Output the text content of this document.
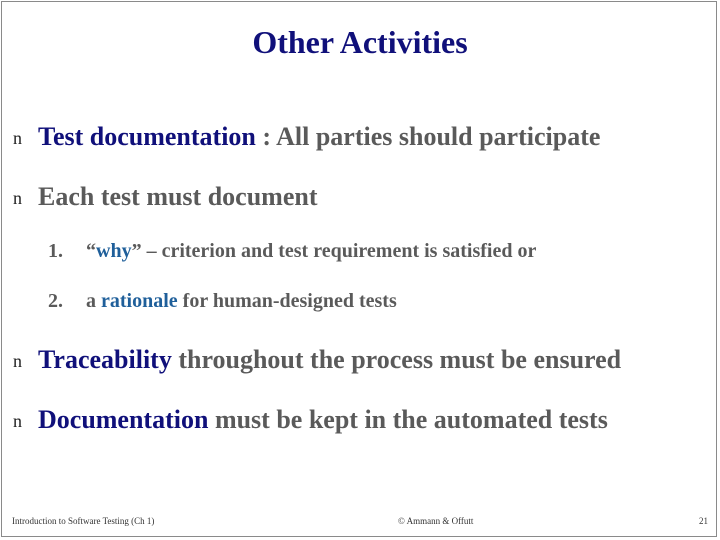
Other Activities
n Test documentation : All parties should participate
n Each test must document
1. “why” – criterion and test requirement is satisfied or
2. a rationale for human-designed tests
n Traceability throughout the process must be ensured
n Documentation must be kept in the automated tests
Introduction to Software Testing (Ch 1)	© Ammann & Offutt	21
